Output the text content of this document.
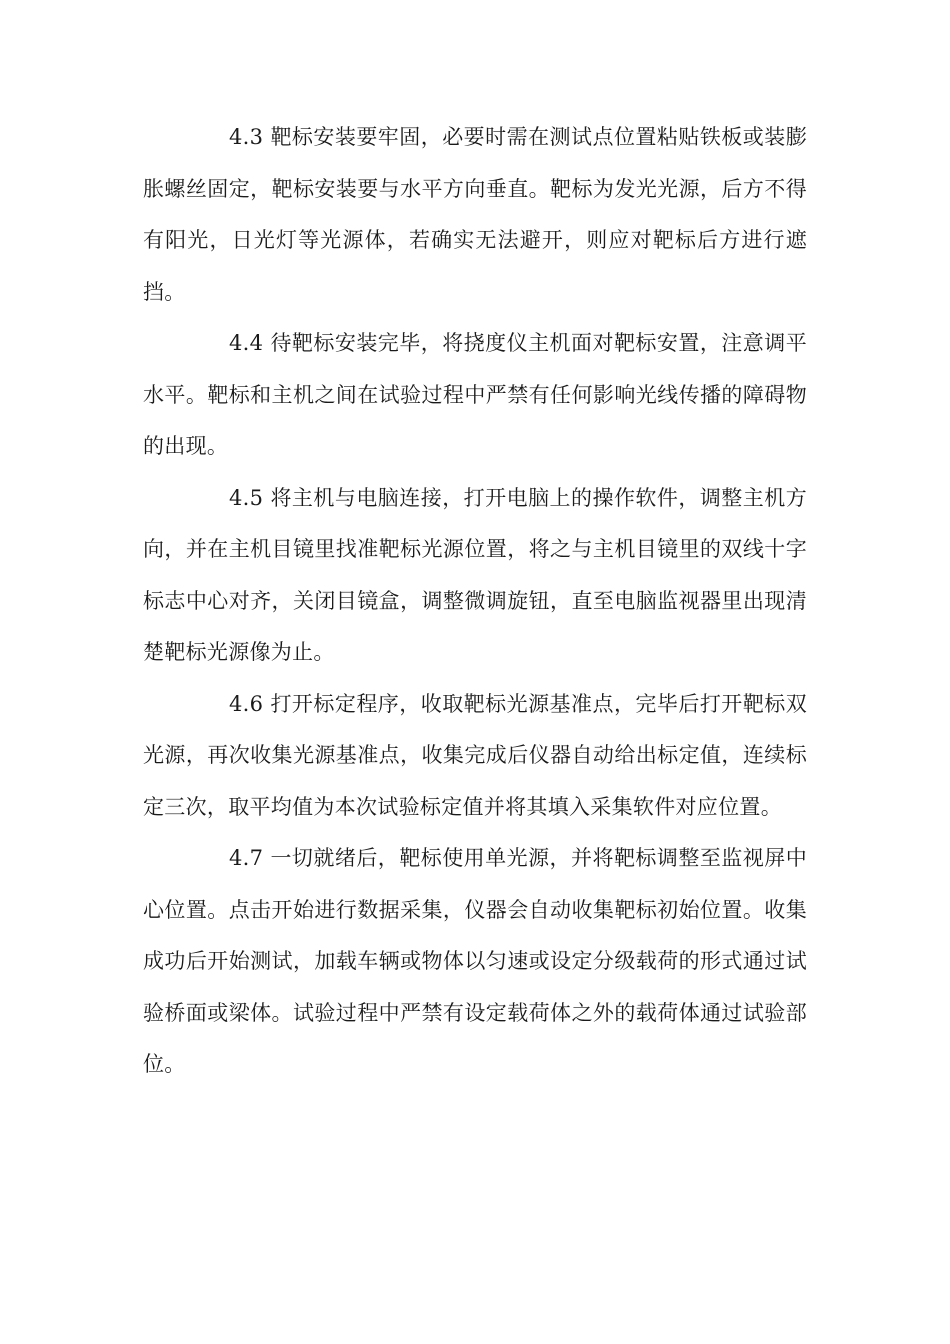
4.3 靶标安装要牢固，必要时需在测试点位置粘贴铁板或装膨胀螺丝固定，靶标安装要与水平方向垂直。靶标为发光光源，后方不得有阳光，日光灯等光源体，若确实无法避开，则应对靶标后方进行遮挡。

4.4 待靶标安装完毕，将挠度仪主机面对靶标安置，注意调平水平。靶标和主机之间在试验过程中严禁有任何影响光线传播的障碍物的出现。

4.5 将主机与电脑连接，打开电脑上的操作软件，调整主机方向，并在主机目镜里找准靶标光源位置，将之与主机目镜里的双线十字标志中心对齐，关闭目镜盒，调整微调旋钮，直至电脑监视器里出现清楚靶标光源像为止。

4.6 打开标定程序，收取靶标光源基准点，完毕后打开靶标双光源，再次收集光源基准点，收集完成后仪器自动给出标定值，连续标定三次，取平均值为本次试验标定值并将其填入采集软件对应位置。

4.7 一切就绪后，靶标使用单光源，并将靶标调整至监视屏中心位置。点击开始进行数据采集，仪器会自动收集靶标初始位置。收集成功后开始测试，加载车辆或物体以匀速或设定分级载荷的形式通过试验桥面或梁体。试验过程中严禁有设定载荷体之外的载荷体通过试验部位。
